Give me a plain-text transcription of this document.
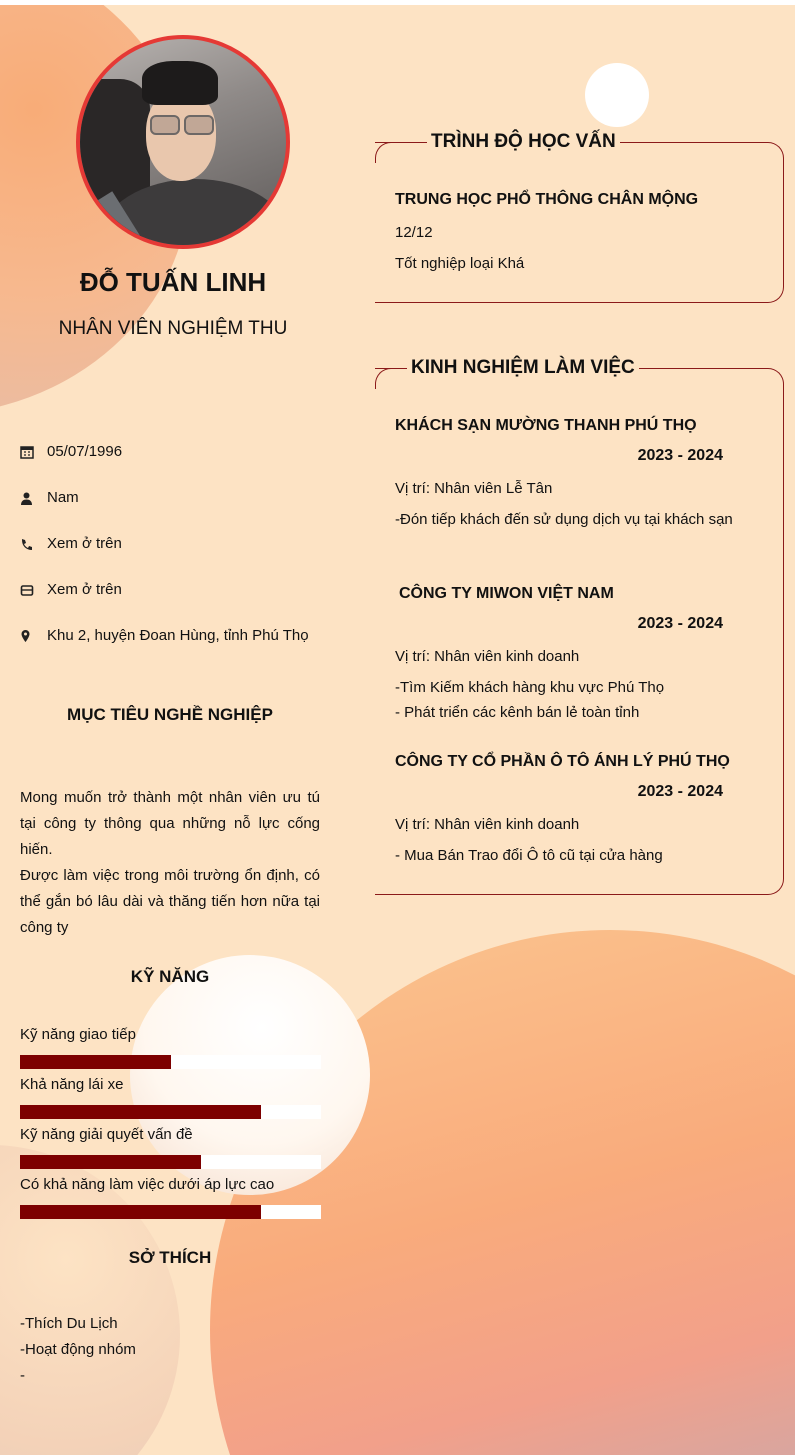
ĐỖ TUẤN LINH
NHÂN VIÊN NGHIỆM THU
05/07/1996
Nam
Xem ở trên
Xem ở trên
Khu 2, huyện Đoan Hùng, tỉnh Phú Thọ
MỤC TIÊU NGHỀ NGHIỆP
Mong muốn trở thành một nhân viên ưu tú tại công ty thông qua những nỗ lực cống hiến.
Được làm việc trong môi trường ổn định, có thể gắn bó lâu dài và thăng tiến hơn nữa tại công ty
KỸ NĂNG
Kỹ năng giao tiếp
Khả năng lái xe
Kỹ năng giải quyết vấn đề
Có khả năng làm việc dưới áp lực cao
SỞ THÍCH
-Thích Du Lịch
-Hoạt động nhóm
-
TRÌNH ĐỘ HỌC VẤN
TRUNG HỌC PHỔ THÔNG CHÂN MỘNG
12/12
Tốt nghiệp loại Khá
KINH NGHIỆM LÀM VIỆC
KHÁCH SẠN MƯỜNG THANH PHÚ THỌ
2023 - 2024
Vị trí: Nhân viên Lễ Tân
-Đón tiếp khách đến sử dụng dịch vụ tại khách sạn
CÔNG TY MIWON VIỆT NAM
2023 - 2024
Vị trí: Nhân viên kinh doanh
-Tìm Kiếm khách hàng khu vực Phú Thọ
- Phát triển các kênh bán lẻ toàn tỉnh
CÔNG TY CỔ PHẦN Ô TÔ ÁNH LÝ PHÚ THỌ
2023 - 2024
Vị trí: Nhân viên kinh doanh
- Mua Bán Trao đổi Ô tô cũ tại cửa hàng
